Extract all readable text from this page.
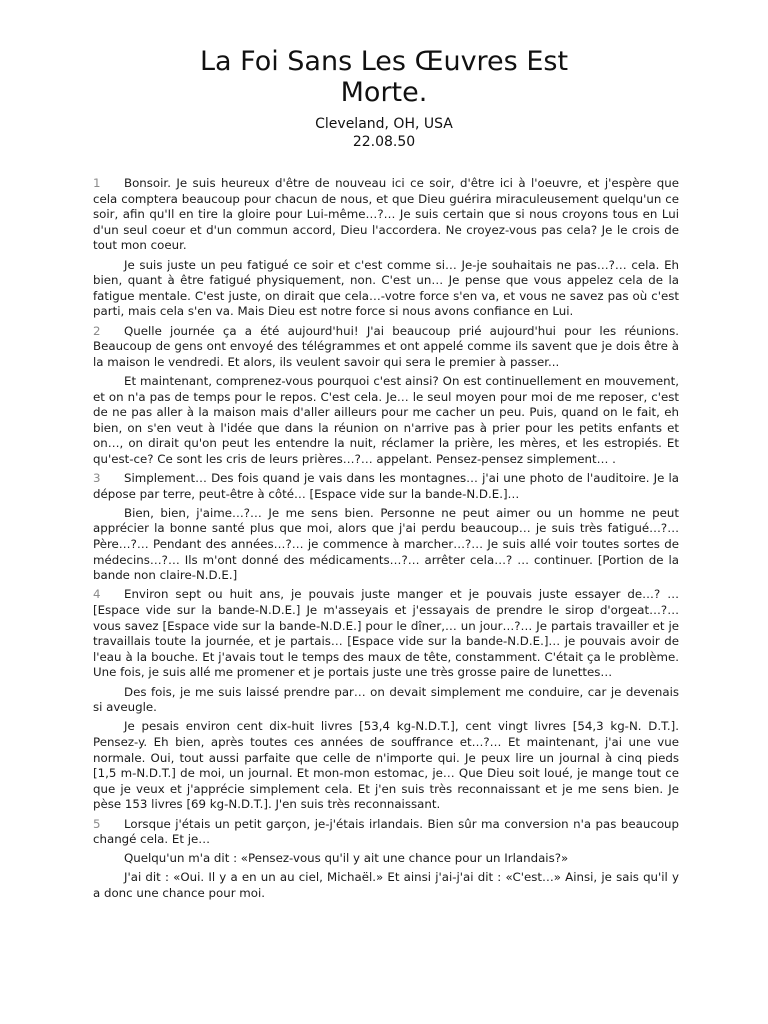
La Foi Sans Les Œuvres Est Morte.
Cleveland, OH, USA
22.08.50

1 Bonsoir. Je suis heureux d'être de nouveau ici ce soir, d'être ici à l'oeuvre, et j'espère que cela comptera beaucoup pour chacun de nous, et que Dieu guérira miraculeusement quelqu'un ce soir, afin qu'Il en tire la gloire pour Lui-même…?… Je suis certain que si nous croyons tous en Lui d'un seul coeur et d'un commun accord, Dieu l'accordera. Ne croyez-vous pas cela? Je le crois de tout mon coeur.

Je suis juste un peu fatigué ce soir et c'est comme si… Je-je souhaitais ne pas…?… cela. Eh bien, quant à être fatigué physiquement, non. C'est un… Je pense que vous appelez cela de la fatigue mentale. C'est juste, on dirait que cela…-votre force s'en va, et vous ne savez pas où c'est parti, mais cela s'en va. Mais Dieu est notre force si nous avons confiance en Lui.

2 Quelle journée ça a été aujourd'hui! J'ai beaucoup prié aujourd'hui pour les réunions. Beaucoup de gens ont envoyé des télégrammes et ont appelé comme ils savent que je dois être à la maison le vendredi. Et alors, ils veulent savoir qui sera le premier à passer...

Et maintenant, comprenez-vous pourquoi c'est ainsi? On est continuellement en mouvement, et on n'a pas de temps pour le repos. C'est cela. Je… le seul moyen pour moi de me reposer, c'est de ne pas aller à la maison mais d'aller ailleurs pour me cacher un peu. Puis, quand on le fait, eh bien, on s'en veut à l'idée que dans la réunion on n'arrive pas à prier pour les petits enfants et on…, on dirait qu'on peut les entendre la nuit, réclamer la prière, les mères, et les estropiés. Et qu'est-ce? Ce sont les cris de leurs prières…?… appelant. Pensez-pensez simplement… .

3 Simplement… Des fois quand je vais dans les montagnes… j'ai une photo de l'auditoire. Je la dépose par terre, peut-être à côté… [Espace vide sur la bande-N.D.E.]…

Bien, bien, j'aime…?… Je me sens bien. Personne ne peut aimer ou un homme ne peut apprécier la bonne santé plus que moi, alors que j'ai perdu beaucoup… je suis très fatigué…?… Père…?… Pendant des années…?… je commence à marcher…?… Je suis allé voir toutes sortes de médecins…?… Ils m'ont donné des médicaments…?… arrêter cela…? … continuer. [Portion de la bande non claire-N.D.E.]

4 Environ sept ou huit ans, je pouvais juste manger et je pouvais juste essayer de…? … [Espace vide sur la bande-N.D.E.] Je m'asseyais et j'essayais de prendre le sirop d'orgeat…?… vous savez [Espace vide sur la bande-N.D.E.] pour le dîner,… un jour…?… Je partais travailler et je travaillais toute la journée, et je partais… [Espace vide sur la bande-N.D.E.]… je pouvais avoir de l'eau à la bouche. Et j'avais tout le temps des maux de tête, constamment. C'était ça le problème. Une fois, je suis allé me promener et je portais juste une très grosse paire de lunettes…

Des fois, je me suis laissé prendre par… on devait simplement me conduire, car je devenais si aveugle.

Je pesais environ cent dix-huit livres [53,4 kg-N.D.T.], cent vingt livres [54,3 kg-N. D.T.]. Pensez-y. Eh bien, après toutes ces années de souffrance et…?… Et maintenant, j'ai une vue normale. Oui, tout aussi parfaite que celle de n'importe qui. Je peux lire un journal à cinq pieds [1,5 m-N.D.T.] de moi, un journal. Et mon-mon estomac, je… Que Dieu soit loué, je mange tout ce que je veux et j'apprécie simplement cela. Et j'en suis très reconnaissant et je me sens bien. Je pèse 153 livres [69 kg-N.D.T.]. J'en suis très reconnaissant.

5 Lorsque j'étais un petit garçon, je-j'étais irlandais. Bien sûr ma conversion n'a pas beaucoup changé cela. Et je…

Quelqu'un m'a dit : «Pensez-vous qu'il y ait une chance pour un Irlandais?»

J'ai dit : «Oui. Il y a en un au ciel, Michaël.» Et ainsi j'ai-j'ai dit : «C'est…» Ainsi, je sais qu'il y a donc une chance pour moi.
